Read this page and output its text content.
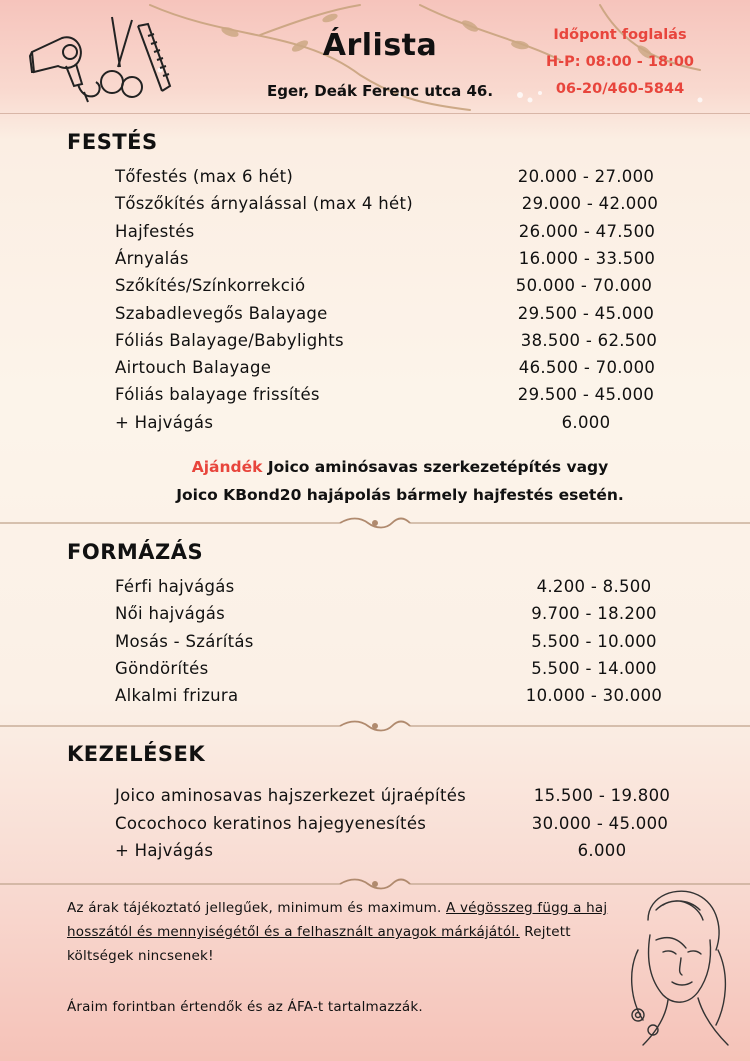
Árlista
Eger, Deák Ferenc utca 46.
Időpont foglalás
H-P: 08:00 - 18:00
06-20/460-5844
FESTÉS
Tőfestés (max 6 hét)	20.000 - 27.000
Tőszőkítés árnyalással (max 4 hét)	29.000 - 42.000
Hajfestés	26.000 - 47.500
Árnyalás	16.000 - 33.500
Szőkítés/Színkorrekció	50.000 - 70.000
Szabadlevegős Balayage	29.500 - 45.000
Fóliás Balayage/Babylights	38.500 - 62.500
Airtouch Balayage	46.500 - 70.000
Fóliás balayage frissítés	29.500 - 45.000
+ Hajvágás	6.000
Ajándék Joico aminósavas szerkezetépítés vagy
Joico KBond20 hajápolás bármely hajfestés esetén.
FORMÁZÁS
Férfi hajvágás	4.200 - 8.500
Női hajvágás	9.700 - 18.200
Mosás - Szárítás	5.500 - 10.000
Göndörítés	5.500 - 14.000
Alkalmi frizura	10.000 - 30.000
KEZELÉSEK
Joico aminosavas hajszerkezet újraépítés	15.500 - 19.800
Cocochoco keratinos hajegyenesítés	30.000 - 45.000
+ Hajvágás	6.000
Az árak tájékoztató jellegűek, minimum és maximum. A végösszeg függ a haj hosszától és mennyiségétől és a felhasznált anyagok márkájától. Rejtett költségek nincsenek!
Áraim forintban értendők és az ÁFA-t tartalmazzák.
